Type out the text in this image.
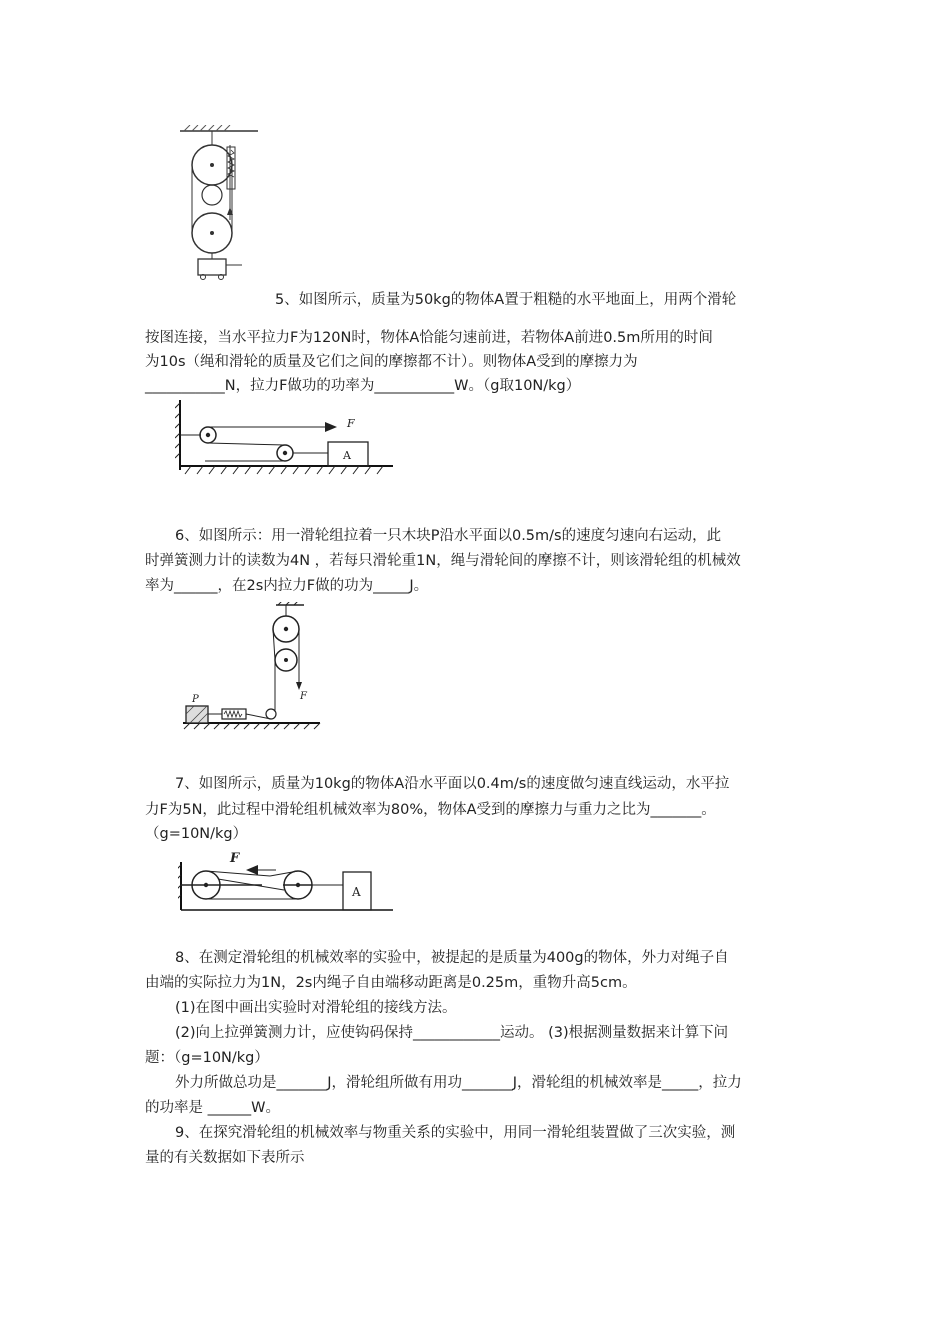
5、如图所示，质量为50kg的物体A置于粗糙的水平地面上，用两个滑轮
按图连接，当水平拉力F为120N时，物体A恰能匀速前进，若物体A前进0.5m所用的时间
为10s（绳和滑轮的质量及它们之间的摩擦都不计）。则物体A受到的摩擦力为
___________N，拉力F做功的功率为___________W。（g取10N/kg）
F
A
6、如图所示：用一滑轮组拉着一只木块P沿水平面以0.5m/s的速度匀速向右运动，此
时弹簧测力计的读数为4N ，若每只滑轮重1N，绳与滑轮间的摩擦不计，则该滑轮组的机械效
率为______，在2s内拉力F做的功为_____J。
F
P
7、如图所示，质量为10kg的物体A沿水平面以0.4m/s的速度做匀速直线运动，水平拉
力F为5N，此过程中滑轮组机械效率为80%，物体A受到的摩擦力与重力之比为_______。
（g=10N/kg）
F
A
8、在测定滑轮组的机械效率的实验中，被提起的是质量为400g的物体，外力对绳子自
由端的实际拉力为1N，2s内绳子自由端移动距离是0.25m，重物升高5cm。
(1)在图中画出实验时对滑轮组的接线方法。
(2)向上拉弹簧测力计，应使钩码保持____________运动。 (3)根据测量数据来计算下问
题：（g=10N/kg）
外力所做总功是_______J，滑轮组所做有用功_______J，滑轮组的机械效率是_____，拉力
的功率是 ______W。
9、在探究滑轮组的机械效率与物重关系的实验中，用同一滑轮组装置做了三次实验，测
量的有关数据如下表所示
